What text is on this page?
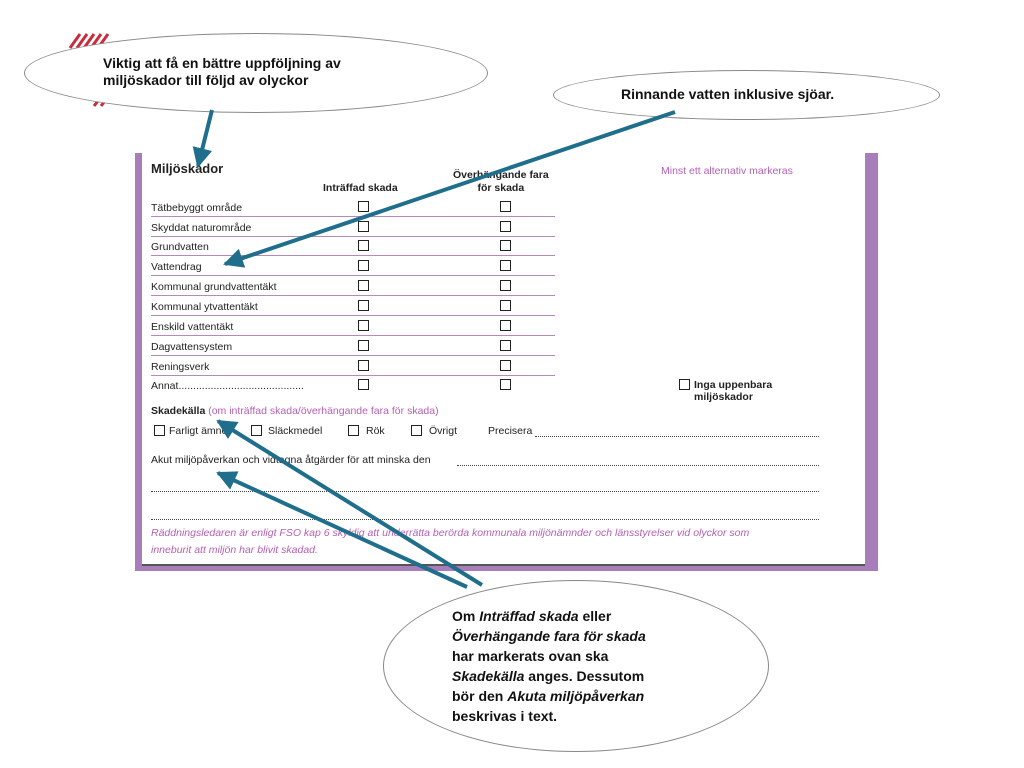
Miljöskador
Inträffad skada
Överhängande fara
för skada
Minst ett alternativ markeras
Tätbebyggt område
Skyddat naturområde
Grundvatten
Vattendrag
Kommunal grundvattentäkt
Kommunal ytvattentäkt
Enskild vattentäkt
Dagvattensystem
Reningsverk
Annat...........................................	Inga uppenbara
miljöskador
Skadekälla (om inträffad skada/överhängande fara för skada)
Farligt ämne	Släckmedel	Rök	Övrigt	Precisera
Akut miljöpåverkan och vidtagna åtgärder för att minska den
Räddningsledaren är enligt FSO kap 6 skyldig att underrätta berörda kommunala miljönämnder och länsstyrelser vid olyckor som
inneburit att miljön har blivit skadad.
Viktig att få en bättre uppföljning av
miljöskador till följd av olyckor
Rinnande vatten inklusive sjöar.
Om Inträffad skada eller
Överhängande fara för skada
har markerats ovan ska
Skadekälla anges. Dessutom
bör den Akuta miljöpåverkan
beskrivas i text.
